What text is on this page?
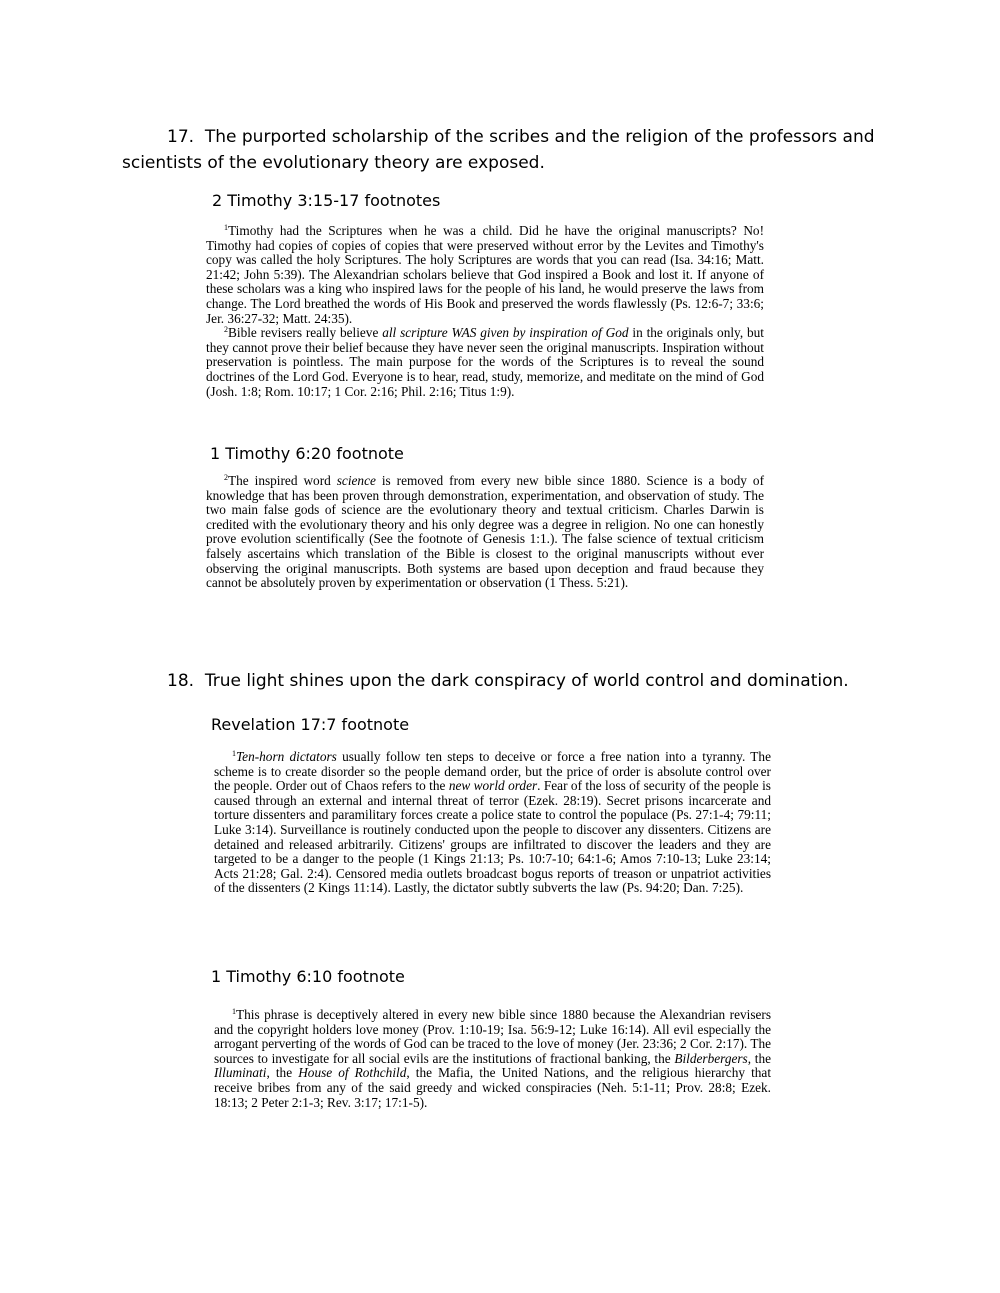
17. The purported scholarship of the scribes and the religion of the professors and scientists of the evolutionary theory are exposed.
2 Timothy 3:15-17 footnotes
$^1$Timothy had the Scriptures when he was a child. Did he have the original manuscripts? No! Timothy had copies of copies of copies that were preserved without error by the Levites and Timothy's copy was called the holy Scriptures. The holy Scriptures are words that you can read (Isa. 34:16; Matt. 21:42; John 5:39). The Alexandrian scholars believe that God inspired a Book and lost it. If anyone of these scholars was a king who inspired laws for the people of his land, he would preserve the laws from change. The Lord breathed the words of His Book and preserved the words flawlessly (Ps. 12:6-7; 33:6; Jer. 36:27-32; Matt. 24:35).
$^2$Bible revisers really believe all scripture WAS given by inspiration of God in the originals only, but they cannot prove their belief because they have never seen the original manuscripts. Inspiration without preservation is pointless. The main purpose for the words of the Scriptures is to reveal the sound doctrines of the Lord God. Everyone is to hear, read, study, memorize, and meditate on the mind of God (Josh. 1:8; Rom. 10:17; 1 Cor. 2:16; Phil. 2:16; Titus 1:9).
1 Timothy 6:20 footnote
$^2$The inspired word science is removed from every new bible since 1880. Science is a body of knowledge that has been proven through demonstration, experimentation, and observation of study. The two main false gods of science are the evolutionary theory and textual criticism. Charles Darwin is credited with the evolutionary theory and his only degree was a degree in religion. No one can honestly prove evolution scientifically (See the footnote of Genesis 1:1.). The false science of textual criticism falsely ascertains which translation of the Bible is closest to the original manuscripts without ever observing the original manuscripts. Both systems are based upon deception and fraud because they cannot be absolutely proven by experimentation or observation (1 Thess. 5:21).
18. True light shines upon the dark conspiracy of world control and domination.
Revelation 17:7 footnote
$^1$Ten-horn dictators usually follow ten steps to deceive or force a free nation into a tyranny. The scheme is to create disorder so the people demand order, but the price of order is absolute control over the people. Order out of Chaos refers to the new world order. Fear of the loss of security of the people is caused through an external and internal threat of terror (Ezek. 28:19). Secret prisons incarcerate and torture dissenters and paramilitary forces create a police state to control the populace (Ps. 27:1-4; 79:11; Luke 3:14). Surveillance is routinely conducted upon the people to discover any dissenters. Citizens are detained and released arbitrarily. Citizens' groups are infiltrated to discover the leaders and they are targeted to be a danger to the people (1 Kings 21:13; Ps. 10:7-10; 64:1-6; Amos 7:10-13; Luke 23:14; Acts 21:28; Gal. 2:4). Censored media outlets broadcast bogus reports of treason or unpatriot activities of the dissenters (2 Kings 11:14). Lastly, the dictator subtly subverts the law (Ps. 94:20; Dan. 7:25).
1 Timothy 6:10 footnote
$^1$This phrase is deceptively altered in every new bible since 1880 because the Alexandrian revisers and the copyright holders love money (Prov. 1:10-19; Isa. 56:9-12; Luke 16:14). All evil especially the arrogant perverting of the words of God can be traced to the love of money (Jer. 23:36; 2 Cor. 2:17). The sources to investigate for all social evils are the institutions of fractional banking, the Bilderbergers, the Illuminati, the House of Rothchild, the Mafia, the United Nations, and the religious hierarchy that receive bribes from any of the said greedy and wicked conspiracies (Neh. 5:1-11; Prov. 28:8; Ezek. 18:13; 2 Peter 2:1-3; Rev. 3:17; 17:1-5).
